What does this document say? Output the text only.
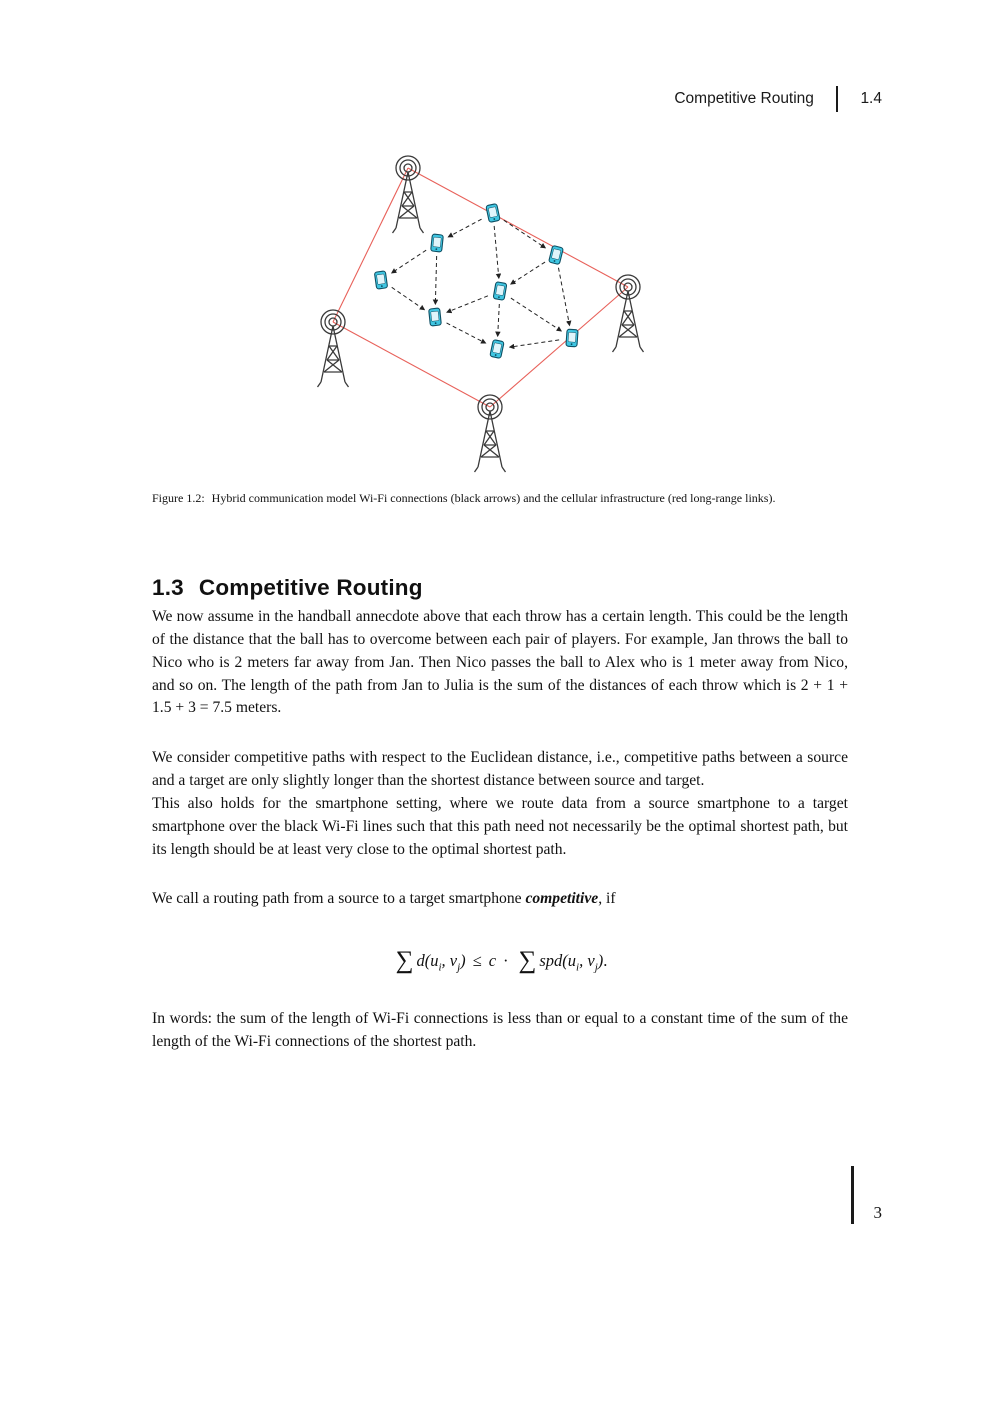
Competitive Routing	1.4
Figure 1.2: Hybrid communication model Wi-Fi connections (black arrows) and the cellular infrastructure (red long-range links).
1.3 Competitive Routing

We now assume in the handball annecdote above that each throw has a certain length. This could be the length of the distance that the ball has to overcome between each pair of players. For example, Jan throws the ball to Nico who is 2 meters far away from Jan. Then Nico passes the ball to Alex who is 1 meter away from Nico, and so on. The length of the path from Jan to Julia is the sum of the distances of each throw which is 2 + 1 + 1.5 + 3 = 7.5 meters.

We consider competitive paths with respect to the Euclidean distance, i.e., competitive paths between a source and a target are only slightly longer than the shortest distance between source and target.

This also holds for the smartphone setting, where we route data from a source smartphone to a target smartphone over the black Wi-Fi lines such that this path need not necessarily be the optimal shortest path, but its length should be at least very close to the optimal shortest path.

We call a routing path from a source to a target smartphone competitive, if

∑ $d(u_i$, $v_j) \le c$ · ∑ $spd(u_i$, $v_j$).

In words: the sum of the length of Wi-Fi connections is less than or equal to a constant time of the sum of the length of the Wi-Fi connections of the shortest path.

3
